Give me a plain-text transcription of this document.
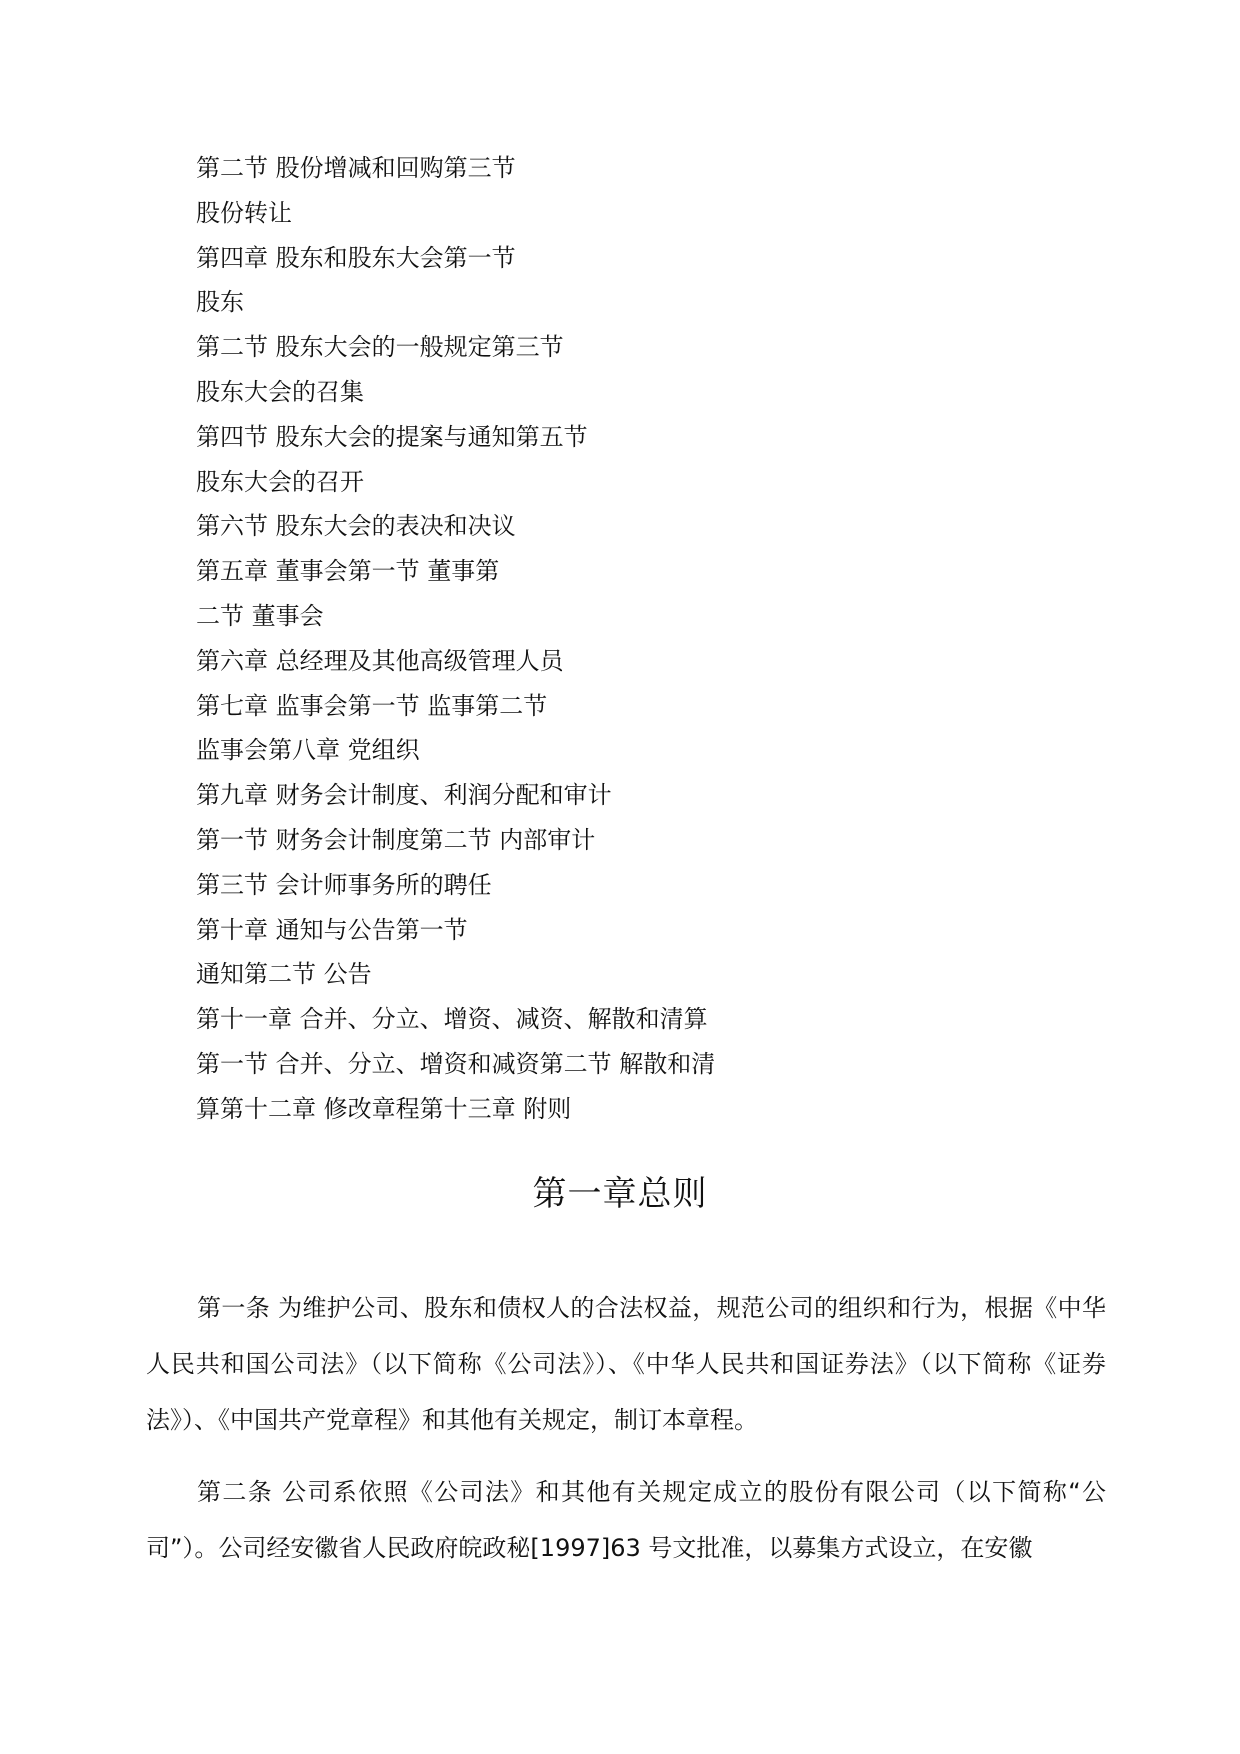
第二节 股份增减和回购第三节
股份转让
第四章 股东和股东大会第一节
股东
第二节 股东大会的一般规定第三节
股东大会的召集
第四节 股东大会的提案与通知第五节
股东大会的召开
第六节 股东大会的表决和决议
第五章 董事会第一节 董事第
二节 董事会
第六章 总经理及其他高级管理人员
第七章 监事会第一节 监事第二节
监事会第八章 党组织
第九章 财务会计制度、利润分配和审计
第一节 财务会计制度第二节 内部审计
第三节 会计师事务所的聘任
第十章 通知与公告第一节
通知第二节 公告
第十一章 合并、分立、增资、减资、解散和清算
第一节 合并、分立、增资和减资第二节 解散和清
算第十二章 修改章程第十三章 附则
第一章总则

第一条 为维护公司、股东和债权人的合法权益，规范公司的组织和行为，根据《中华人民共和国公司法》（以下简称《公司法》）、《中华人民共和国证券法》（以下简称《证券法》）、《中国共产党章程》和其他有关规定，制订本章程。

第二条 公司系依照《公司法》和其他有关规定成立的股份有限公司（以下简称“公司”）。公司经安徽省人民政府皖政秘[1997]63 号文批准，以募集方式设立，在安徽
